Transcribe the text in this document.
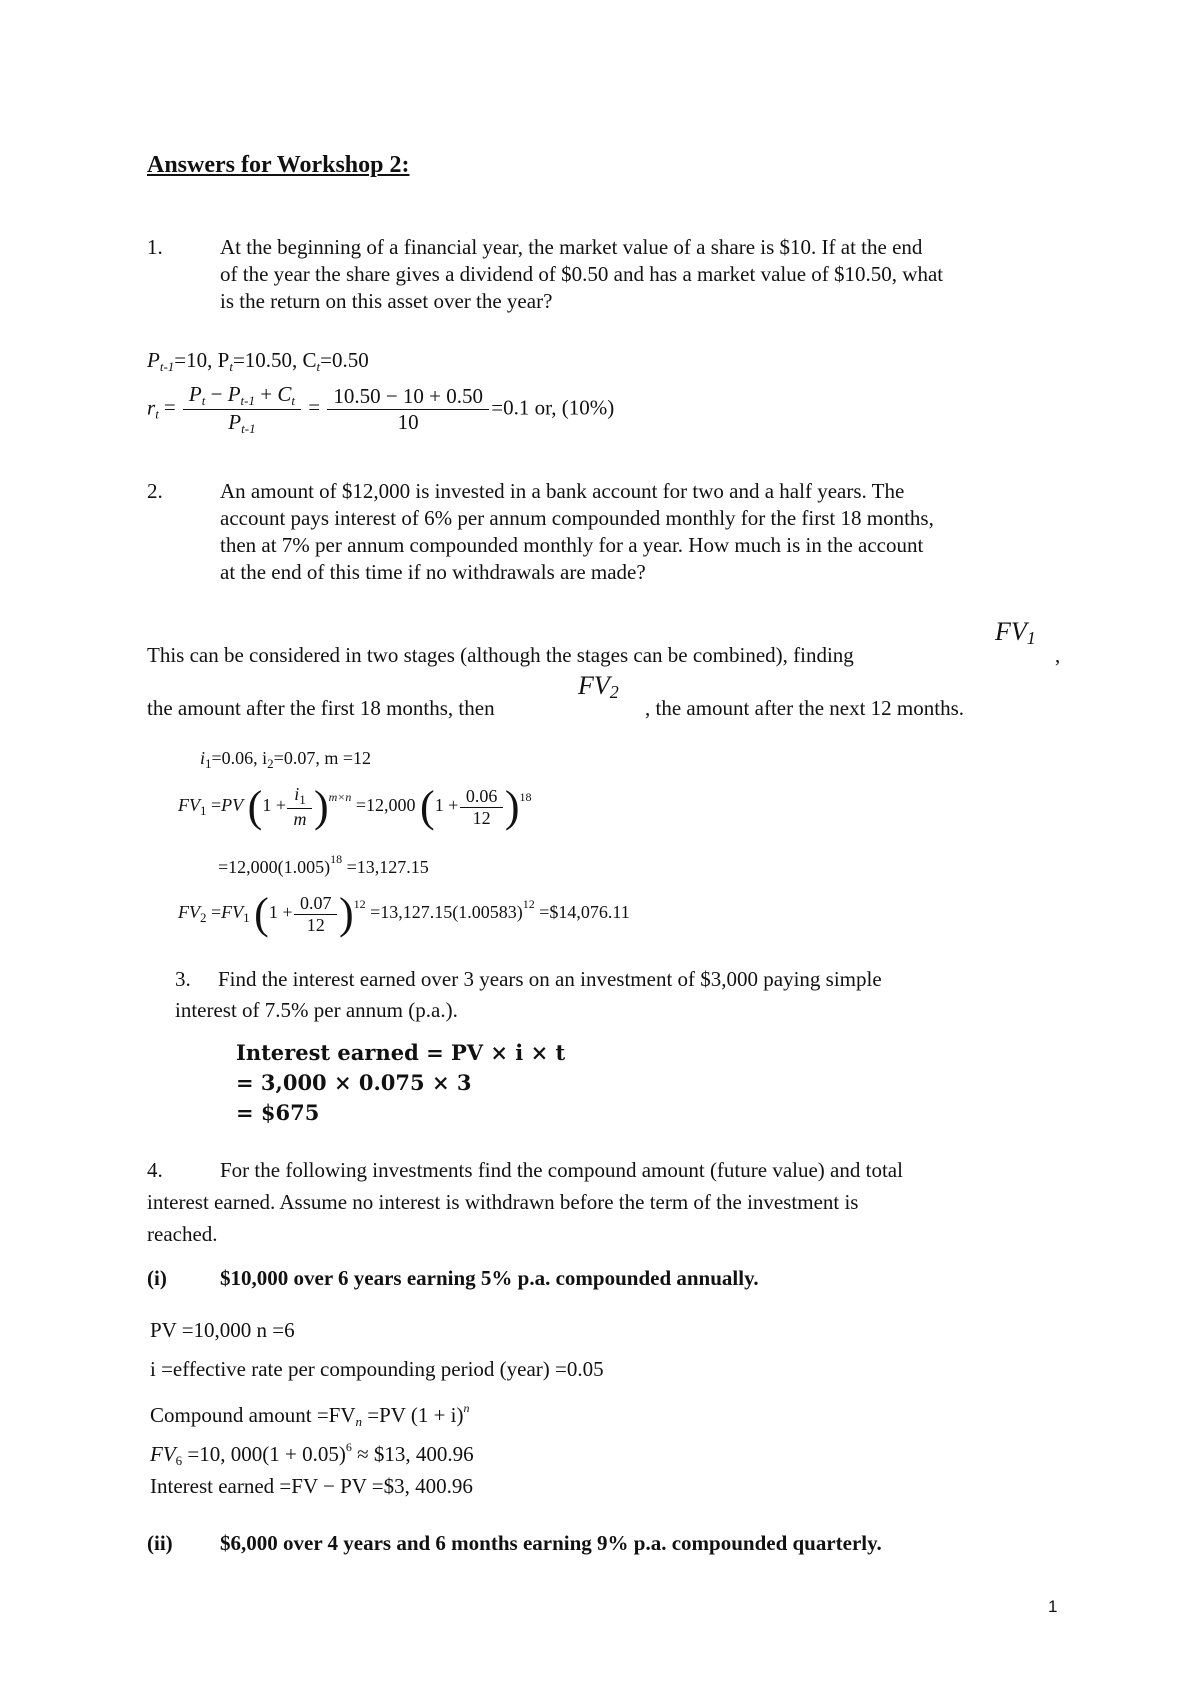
Answers for Workshop 2:
1.	At the beginning of a financial year, the market value of a share is $10. If at the end
of the year the share gives a dividend of $0.50 and has a market value of $10.50, what
is the return on this asset over the year?
$P_{t-1}=10$, $P_t=10.50$, $C_t=0.50$
$r_t = \frac{P_t - P_{t-1} + C_t}{P_{t-1}} = \frac{10.50 - 10 + 0.50}{10} =0.1$ or, (10%)
2.	An amount of $12,000 is invested in a bank account for two and a half years. The
account pays interest of 6% per annum compounded monthly for the first 18 months,
then at 7% per annum compounded monthly for a year. How much is in the account
at the end of this time if no withdrawals are made?
This can be considered in two stages (although the stages can be combined), finding
$FV_1$
,
the amount after the first 18 months, then
$FV_2$
, the amount after the next 12 months.
$i_1=0.06$, $i_2=0.07$, m =12
$FV_1 =PV$ $(1 + \frac{i_1}{m} )^{m\times n} =12,000$ $(1 + \frac{0.06}{12} )^{18}$
$=12,000(1.005)^{18} =13,127.15$
$FV_2 =FV_1$ $(1 + \frac{0.07}{12} )^{12} =13,127.15(1.00583)^{12}$ =$14,076.11
3. Find the interest earned over 3 years on an investment of $3,000 paying simple
interest of 7.5% per annum (p.a.).
Interest earned = PV × i × t
= 3,000 × 0.075 × 3
= $675
4.	For the following investments find the compound amount (future value) and total
interest earned. Assume no interest is withdrawn before the term of the investment is
reached.
(i)	$10,000 over 6 years earning 5% p.a. compounded annually.
PV =10,000 n =6
i =effective rate per compounding period (year) =0.05
Compound amount $=FV_n =PV$ $(1 + i)^n$
$FV_6 =10$, $000(1 + 0.05)^6$ ≈ $13, 400.96
Interest earned =FV − PV =$3, 400.96
(ii) $6,000 over 4 years and 6 months earning 9% p.a. compounded quarterly.
1
